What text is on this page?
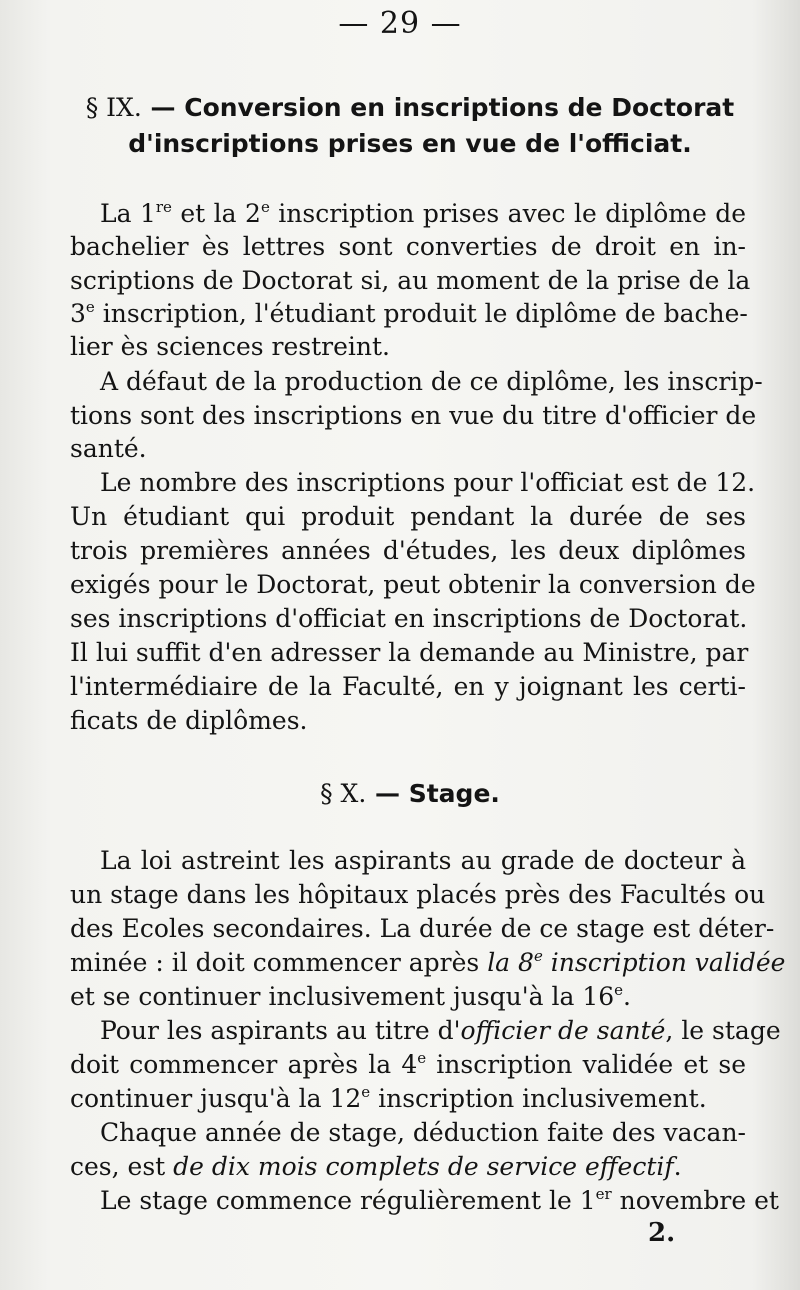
— 29 —
§ IX. — Conversion en inscriptions de Doctorat
d'inscriptions prises en vue de l'officiat.
La 1re et la 2e inscription prises avec le diplôme de
bachelier ès lettres sont converties de droit en in-
scriptions de Doctorat si, au moment de la prise de la
3e inscription, l'étudiant produit le diplôme de bache-
lier ès sciences restreint.
A défaut de la production de ce diplôme, les inscrip-
tions sont des inscriptions en vue du titre d'officier de
santé.
Le nombre des inscriptions pour l'officiat est de 12.
Un étudiant qui produit pendant la durée de ses
trois premières années d'études, les deux diplômes
exigés pour le Doctorat, peut obtenir la conversion de
ses inscriptions d'officiat en inscriptions de Doctorat.
Il lui suffit d'en adresser la demande au Ministre, par
l'intermédiaire de la Faculté, en y joignant les certi-
ficats de diplômes.
§ X. — Stage.
La loi astreint les aspirants au grade de docteur à
un stage dans les hôpitaux placés près des Facultés ou
des Ecoles secondaires. La durée de ce stage est déter-
minée : il doit commencer après la 8e inscription validée
et se continuer inclusivement jusqu'à la 16e.
Pour les aspirants au titre d'officier de santé, le stage
doit commencer après la 4e inscription validée et se
continuer jusqu'à la 12e inscription inclusivement.
Chaque année de stage, déduction faite des vacan-
ces, est de dix mois complets de service effectif.
Le stage commence régulièrement le 1er novembre et
2.
